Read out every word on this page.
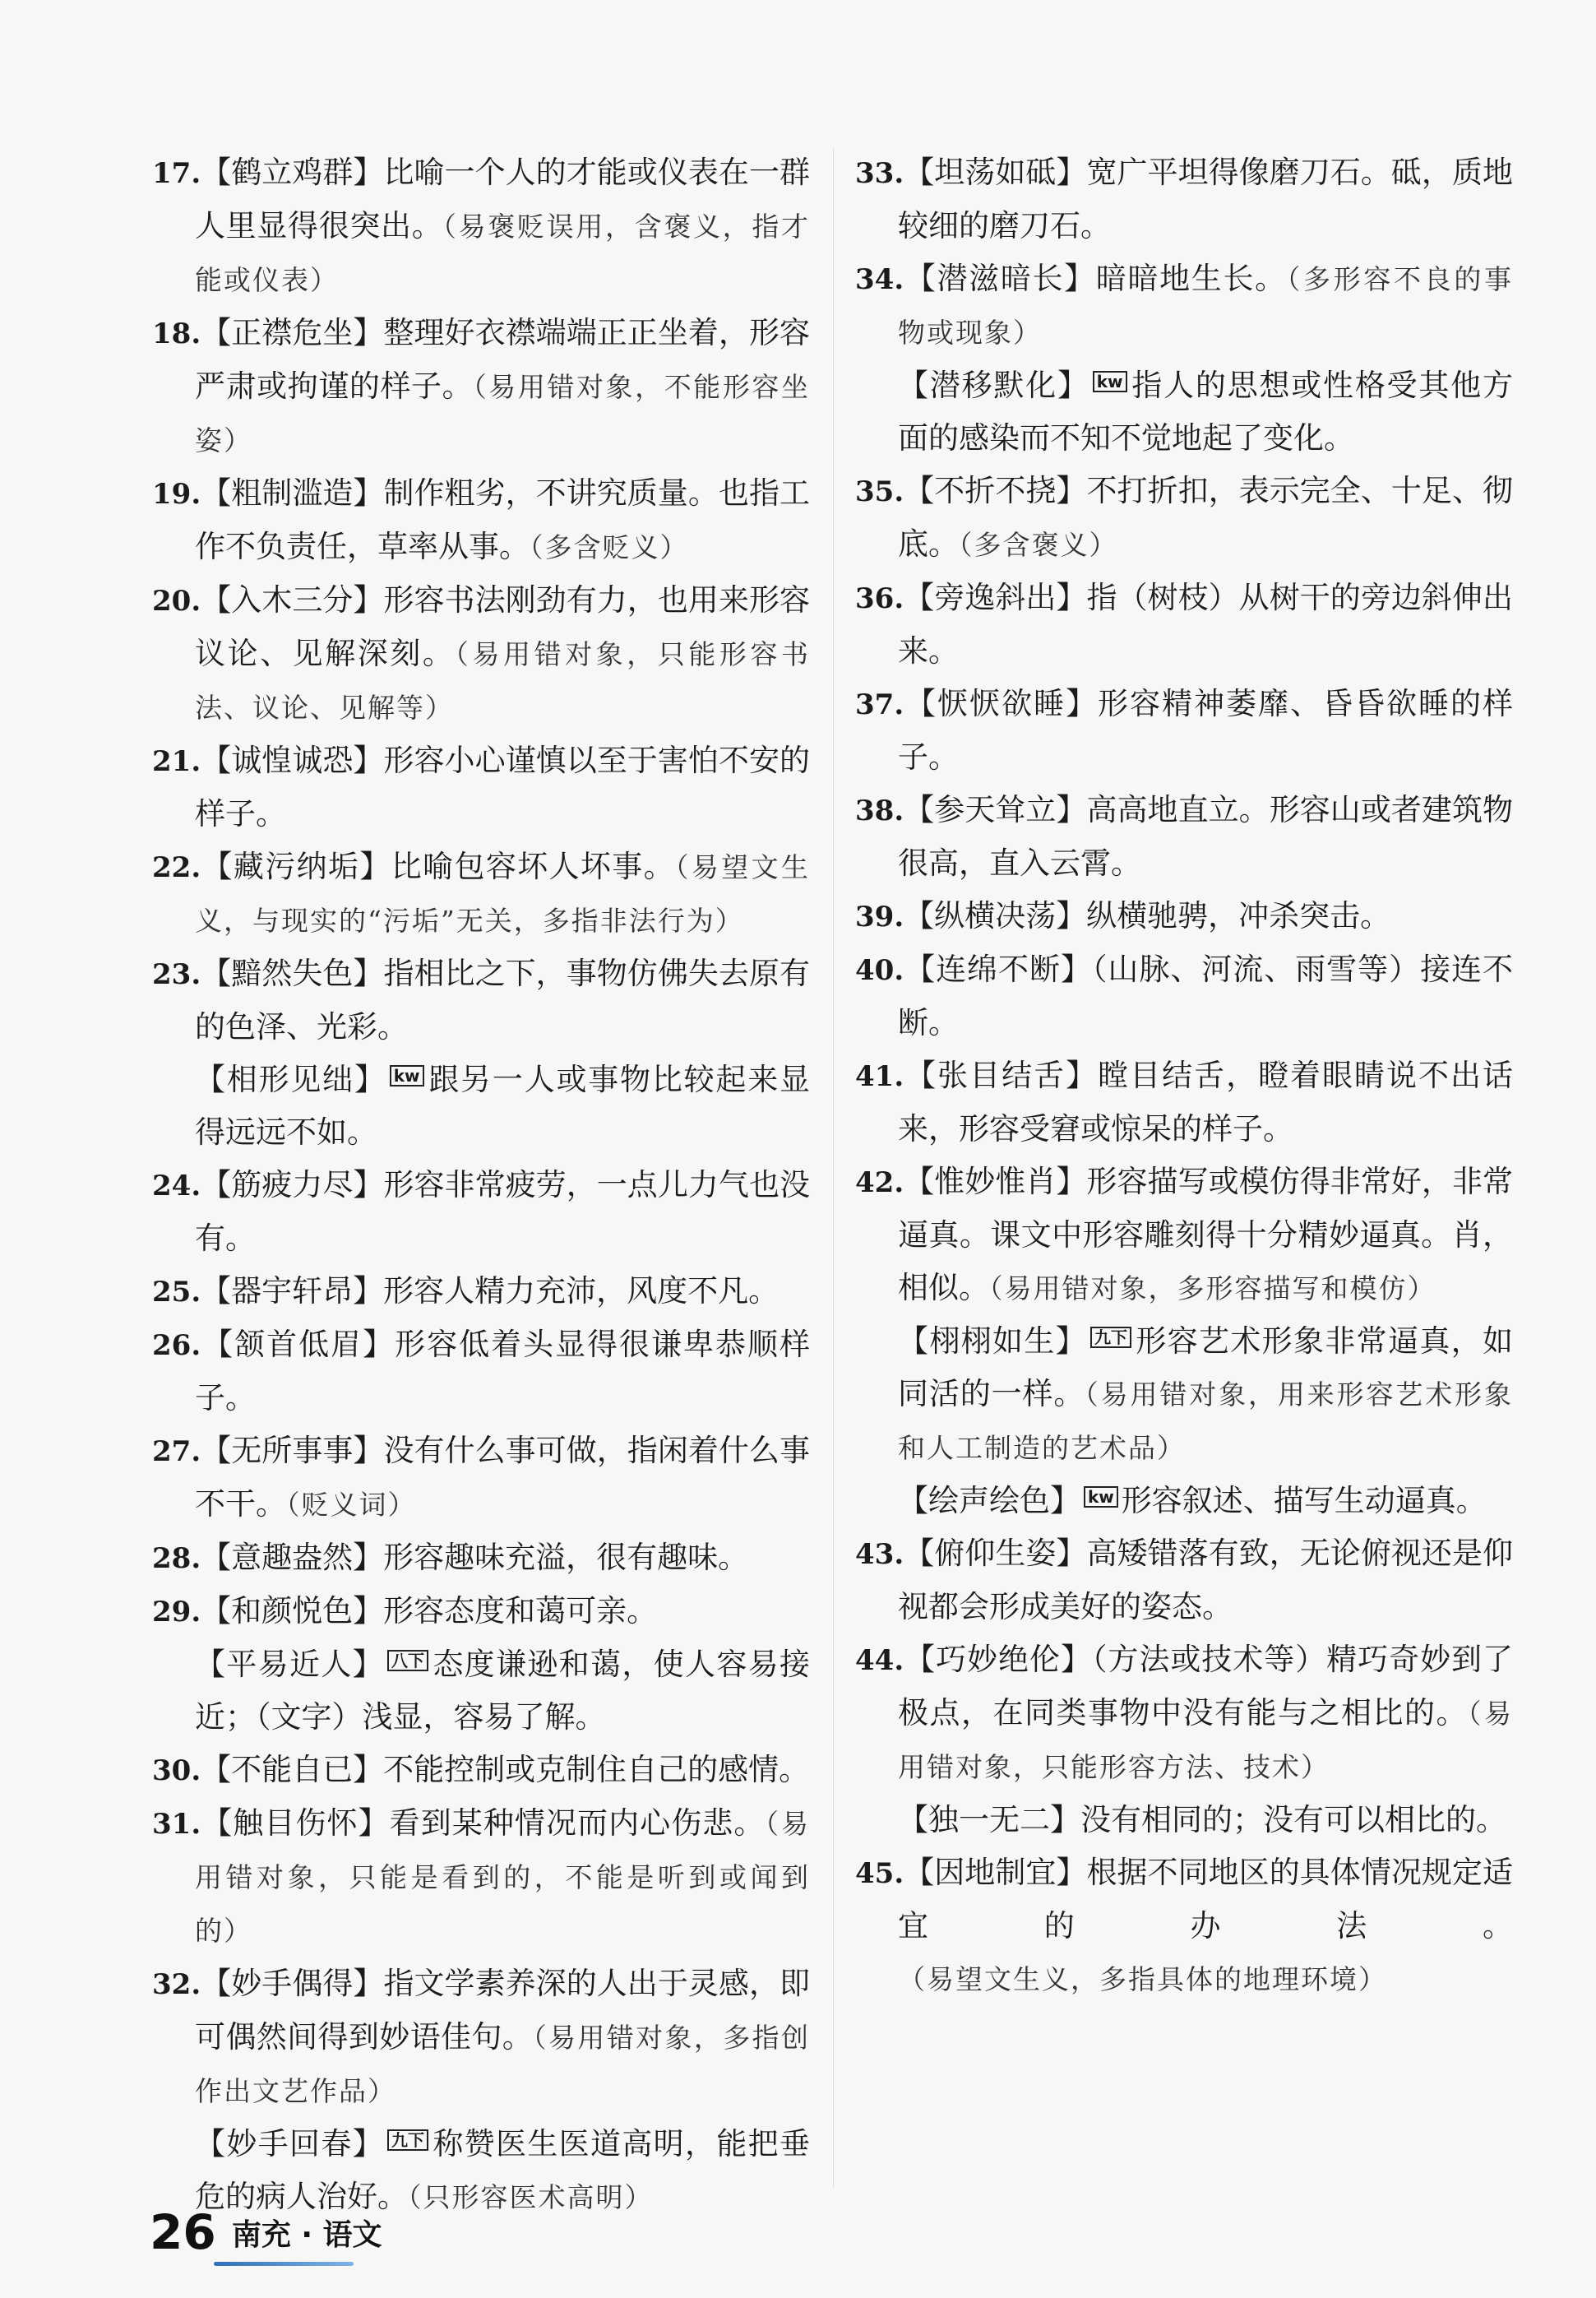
17.【鹤立鸡群】比喻一个人的才能或仪表在一群人里显得很突出。（易褒贬误用，含褒义，指才能或仪表）
18.【正襟危坐】整理好衣襟端端正正坐着，形容严肃或拘谨的样子。（易用错对象，不能形容坐姿）
19.【粗制滥造】制作粗劣，不讲究质量。也指工作不负责任，草率从事。（多含贬义）
20.【入木三分】形容书法刚劲有力，也用来形容议论、见解深刻。（易用错对象，只能形容书法、议论、见解等）
21.【诚惶诚恐】形容小心谨慎以至于害怕不安的样子。
22.【藏污纳垢】比喻包容坏人坏事。（易望文生义，与现实的“污垢”无关，多指非法行为）
23.【黯然失色】指相比之下，事物仿佛失去原有的色泽、光彩。
【相形见绌】 kw 跟另一人或事物比较起来显得远远不如。
24.【筋疲力尽】形容非常疲劳，一点儿力气也没有。
25.【器宇轩昂】形容人精力充沛，风度不凡。
26.【颔首低眉】形容低着头显得很谦卑恭顺样子。
27.【无所事事】没有什么事可做，指闲着什么事不干。（贬义词）
28.【意趣盎然】形容趣味充溢，很有趣味。
29.【和颜悦色】形容态度和蔼可亲。
【平易近人】 八下 态度谦逊和蔼，使人容易接近；（文字）浅显，容易了解。
30.【不能自已】不能控制或克制住自己的感情。
31.【触目伤怀】看到某种情况而内心伤悲。（易用错对象，只能是看到的，不能是听到或闻到的）
32.【妙手偶得】指文学素养深的人出于灵感，即可偶然间得到妙语佳句。（易用错对象，多指创作出文艺作品）
【妙手回春】 九下 称赞医生医道高明，能把垂危的病人治好。（只形容医术高明）
33.【坦荡如砥】宽广平坦得像磨刀石。砥，质地较细的磨刀石。
34.【潜滋暗长】暗暗地生长。（多形容不良的事物或现象）
【潜移默化】 kw 指人的思想或性格受其他方面的感染而不知不觉地起了变化。
35.【不折不挠】不打折扣，表示完全、十足、彻底。（多含褒义）
36.【旁逸斜出】指（树枝）从树干的旁边斜伸出来。
37.【恹恹欲睡】形容精神萎靡、昏昏欲睡的样子。
38.【参天耸立】高高地直立。形容山或者建筑物很高，直入云霄。
39.【纵横决荡】纵横驰骋，冲杀突击。
40.【连绵不断】（山脉、河流、雨雪等）接连不断。
41.【张目结舌】瞠目结舌，瞪着眼睛说不出话来，形容受窘或惊呆的样子。
42.【惟妙惟肖】形容描写或模仿得非常好，非常逼真。课文中形容雕刻得十分精妙逼真。肖，相似。（易用错对象，多形容描写和模仿）
【栩栩如生】 九下 形容艺术形象非常逼真，如同活的一样。（易用错对象，用来形容艺术形象和人工制造的艺术品）
【绘声绘色】 kw 形容叙述、描写生动逼真。
43.【俯仰生姿】高矮错落有致，无论俯视还是仰视都会形成美好的姿态。
44.【巧妙绝伦】（方法或技术等）精巧奇妙到了极点，在同类事物中没有能与之相比的。（易用错对象，只能形容方法、技术）
【独一无二】没有相同的；没有可以相比的。
45.【因地制宜】根据不同地区的具体情况规定适宜的办法。（易望文生义，多指具体的地理环境）
26 南充 · 语文
